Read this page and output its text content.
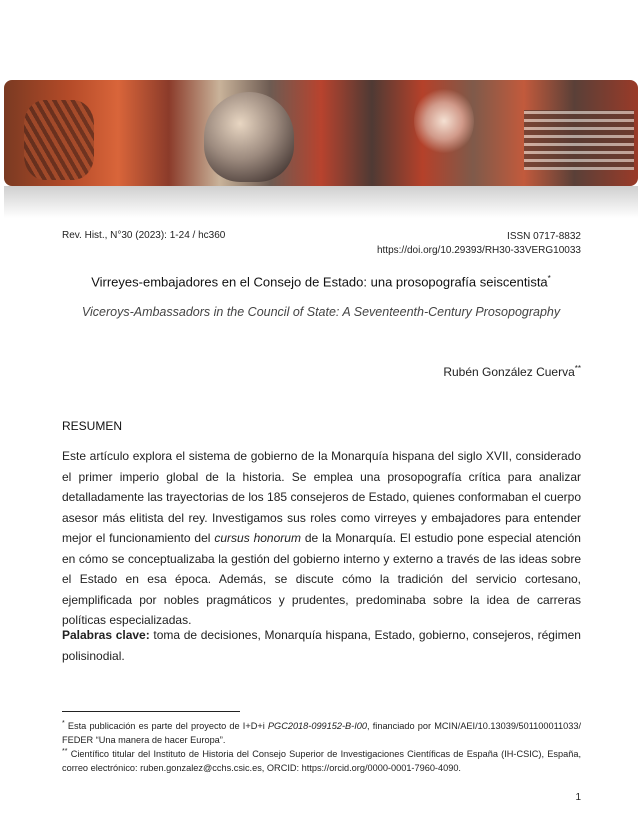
Rev. Hist., N°30 (2023): 1-24 / hc360	ISSN 0717-8832
https://doi.org/10.29393/RH30-33VERG10033
Virreyes-embajadores en el Consejo de Estado: una prosopografía seiscentista*
Viceroys-Ambassadors in the Council of State: A Seventeenth-Century Prosopography
Rubén González Cuerva**
RESUMEN

Este artículo explora el sistema de gobierno de la Monarquía hispana del siglo XVII, considerado el primer imperio global de la historia. Se emplea una prosopografía crítica para analizar detalladamente las trayectorias de los 185 consejeros de Estado, quienes conformaban el cuerpo asesor más elitista del rey. Investigamos sus roles como virreyes y embajadores para entender mejor el funcionamiento del cursus honorum de la Monarquía. El estudio pone especial atención en cómo se conceptualizaba la gestión del gobierno interno y externo a través de las ideas sobre el Estado en esa época. Además, se discute cómo la tradición del servicio cortesano, ejemplificada por nobles pragmáticos y prudentes, predominaba sobre la idea de carreras políticas especializadas.

Palabras clave: toma de decisiones, Monarquía hispana, Estado, gobierno, consejeros, régimen polisinodial.
* Esta publicación es parte del proyecto de I+D+i PGC2018-099152-B-I00, financiado por MCIN/AEI/10.13039/501100011033/ FEDER “Una manera de hacer Europa”.
** Científico titular del Instituto de Historia del Consejo Superior de Investigaciones Científicas de España (IH-CSIC), España, correo electrónico: ruben.gonzalez@cchs.csic.es, ORCID: https://orcid.org/0000-0001-7960-4090.
1
